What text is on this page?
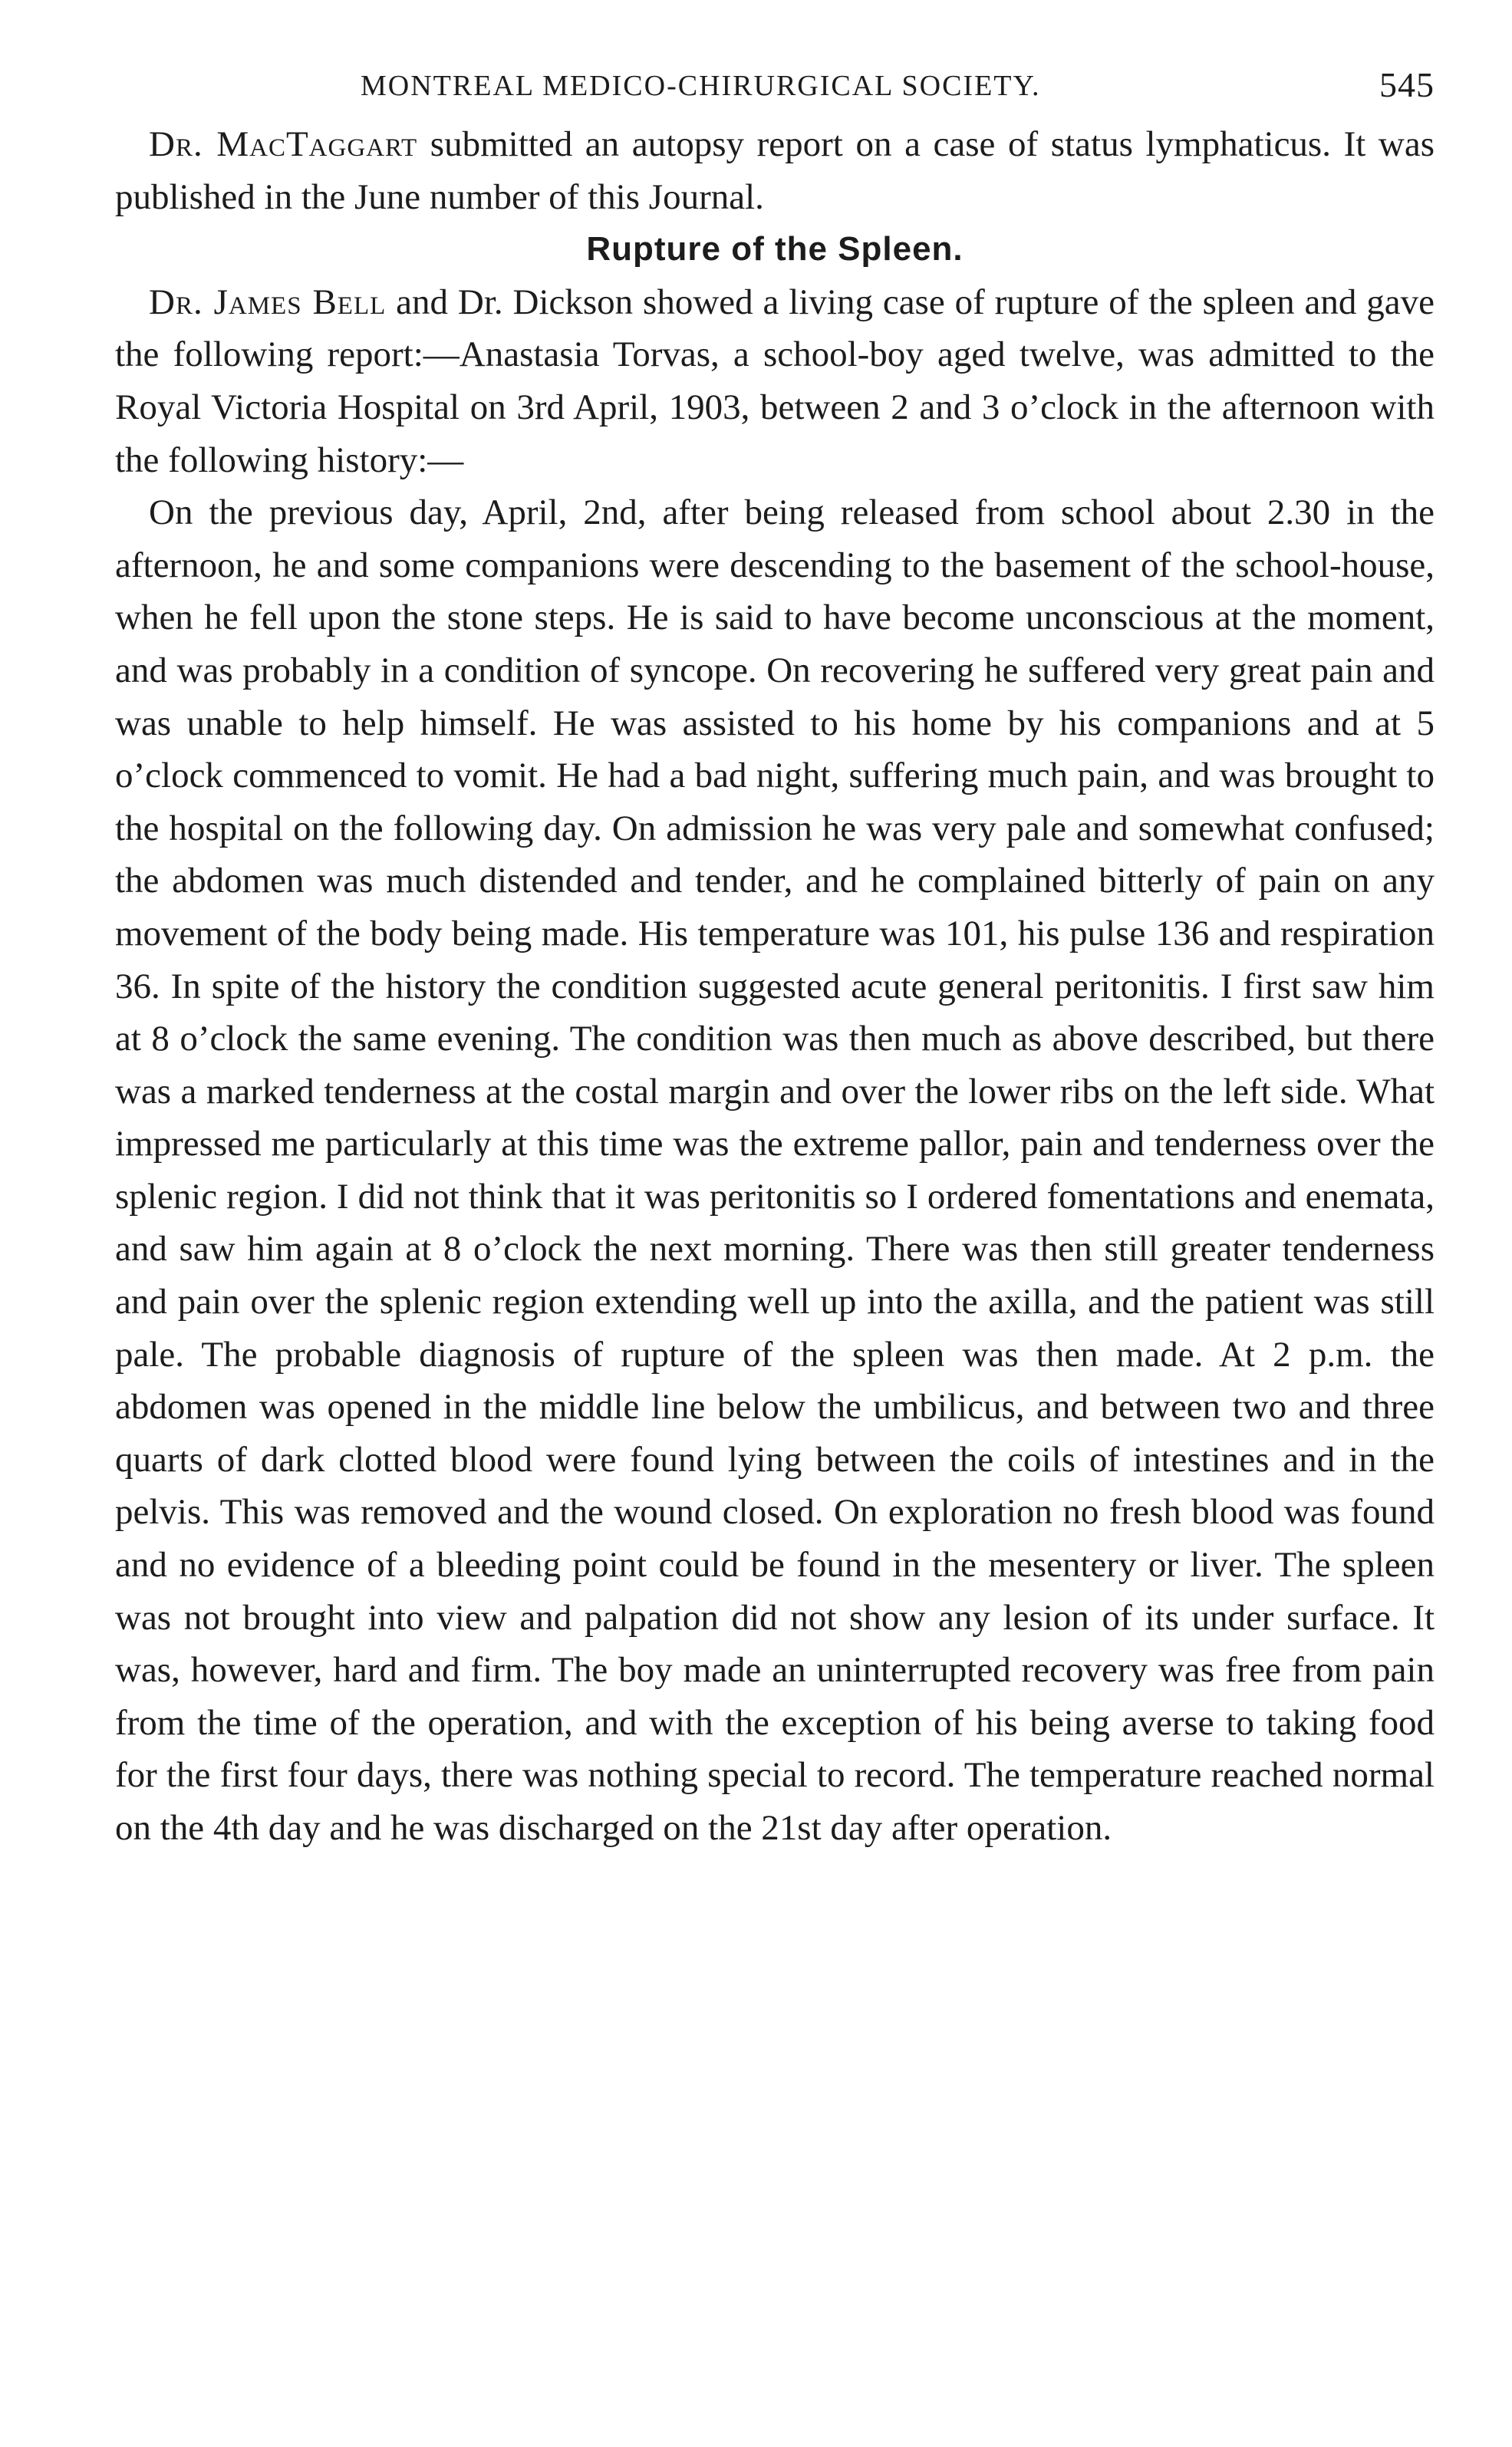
MONTREAL MEDICO-CHIRURGICAL SOCIETY.	545

Dr. MacTaggart submitted an autopsy report on a case of status lymphaticus. It was published in the June number of this Journal.

Rupture of the Spleen.

Dr. James Bell and Dr. Dickson showed a living case of rupture of the spleen and gave the following report:—Anastasia Torvas, a school-boy aged twelve, was admitted to the Royal Victoria Hospital on 3rd April, 1903, between 2 and 3 o’clock in the afternoon with the following history:—

On the previous day, April, 2nd, after being released from school about 2.30 in the afternoon, he and some companions were descending to the basement of the school-house, when he fell upon the stone steps. He is said to have become unconscious at the moment, and was probably in a condition of syncope. On recovering he suffered very great pain and was unable to help himself. He was assisted to his home by his companions and at 5 o’clock commenced to vomit. He had a bad night, suffering much pain, and was brought to the hospital on the following day. On admission he was very pale and somewhat confused; the abdomen was much distended and tender, and he complained bitterly of pain on any movement of the body being made. His temperature was 101, his pulse 136 and respiration 36. In spite of the history the condition suggested acute general peritonitis. I first saw him at 8 o’clock the same evening. The condition was then much as above described, but there was a marked tenderness at the costal margin and over the lower ribs on the left side. What impressed me particularly at this time was the extreme pallor, pain and tenderness over the splenic region. I did not think that it was peritonitis so I ordered fomentations and enemata, and saw him again at 8 o’clock the next morning. There was then still greater tenderness and pain over the splenic region extending well up into the axilla, and the patient was still pale. The probable diagnosis of rupture of the spleen was then made. At 2 p.m. the abdomen was opened in the middle line below the umbilicus, and between two and three quarts of dark clotted blood were found lying between the coils of intestines and in the pelvis. This was removed and the wound closed. On exploration no fresh blood was found and no evidence of a bleeding point could be found in the mesentery or liver. The spleen was not brought into view and palpation did not show any lesion of its under surface. It was, however, hard and firm. The boy made an uninterrupted recovery was free from pain from the time of the operation, and with the exception of his being averse to taking food for the first four days, there was nothing special to record. The temperature reached normal on the 4th day and he was discharged on the 21st day after operation.
